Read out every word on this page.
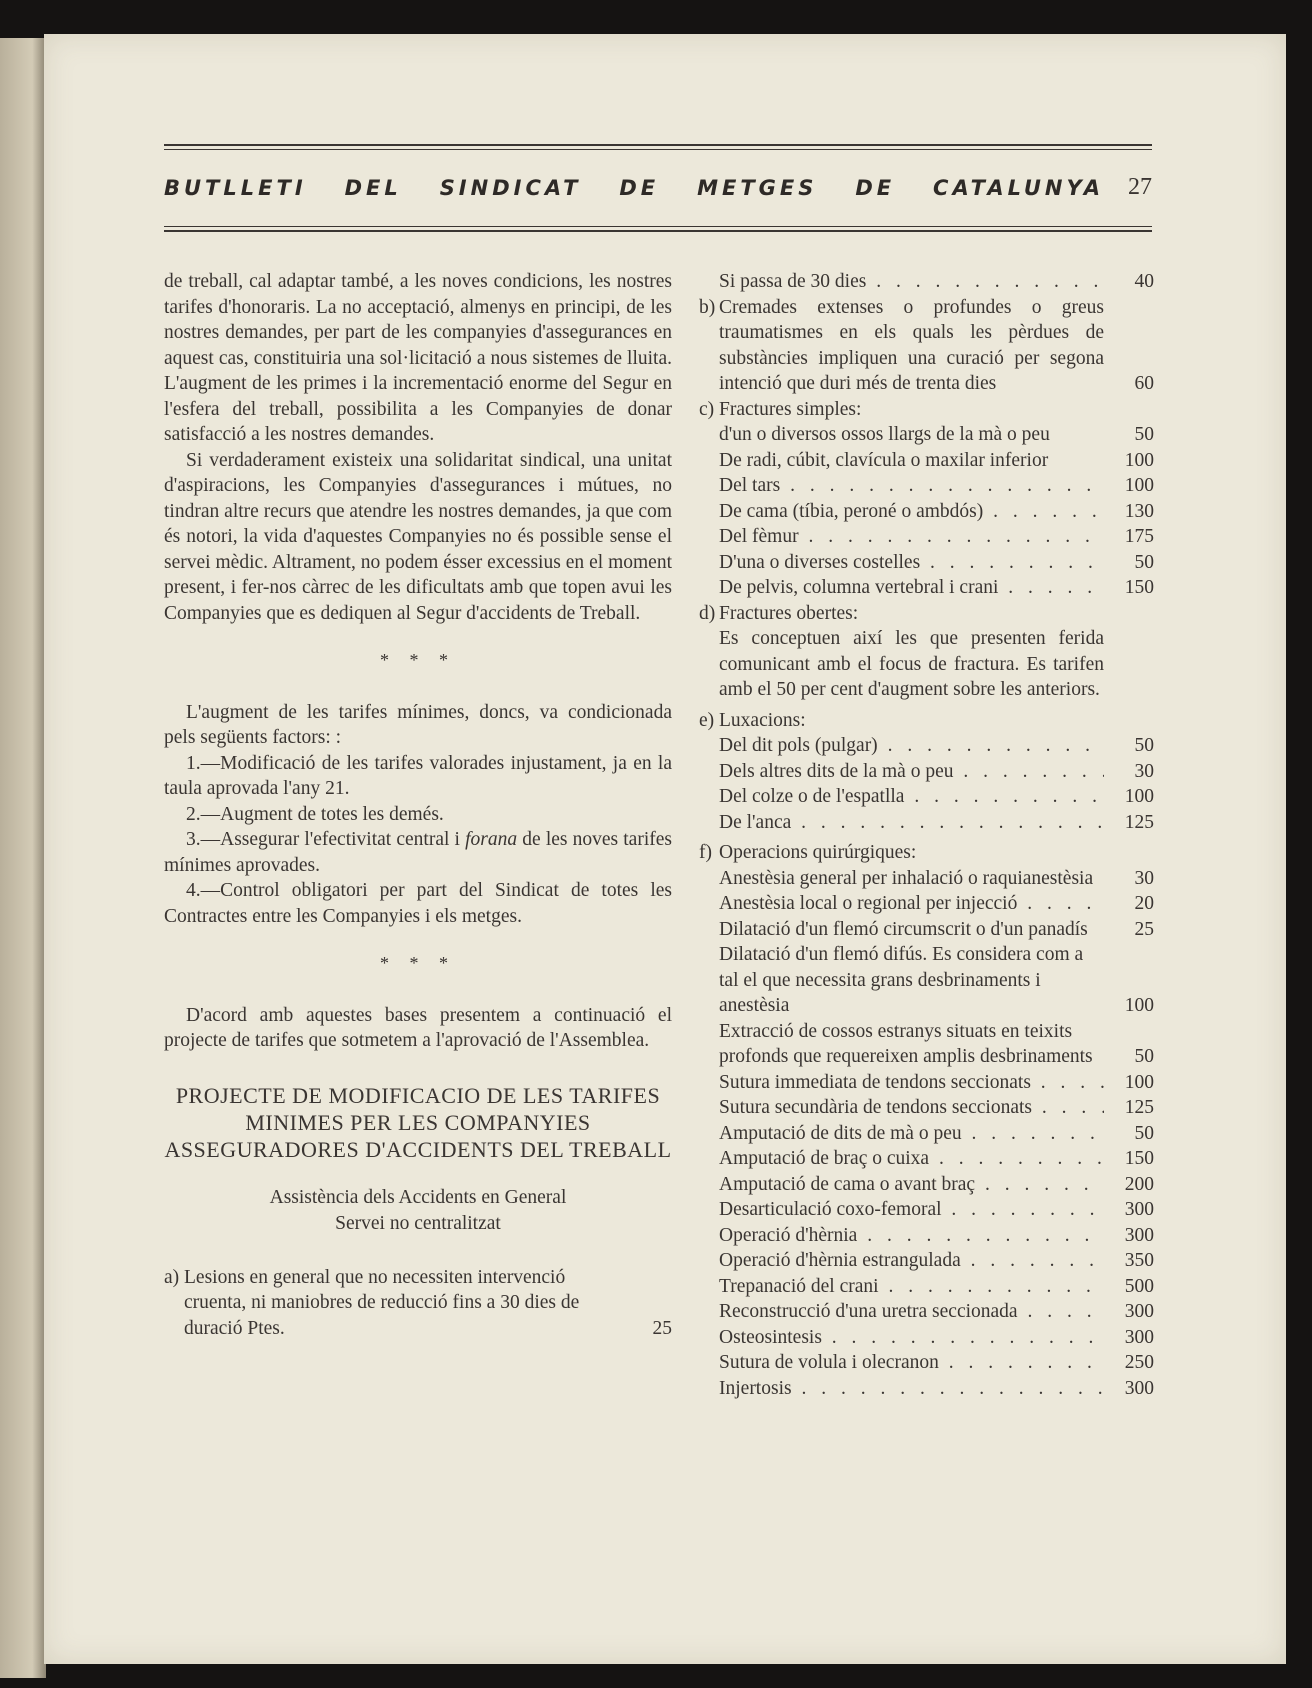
BUTLLETI DEL SINDICAT DE METGES DE CATALUNYA 27

de treball, cal adaptar també, a les noves condicions, les nostres tarifes d'honoraris. La no acceptació, almenys en principi, de les nostres demandes, per part de les companyies d'assegurances en aquest cas, constituiria una sol·licitació a nous sistemes de lluita. L'augment de les primes i la incrementació enorme del Segur en l'esfera del treball, possibilita a les Companyies de donar satisfacció a les nostres demandes.

Si verdaderament existeix una solidaritat sindical, una unitat d'aspiracions, les Companyies d'assegurances i mútues, no tindran altre recurs que atendre les nostres demandes, ja que com és notori, la vida d'aquestes Companyies no és possible sense el servei mèdic. Altrament, no podem ésser excessius en el moment present, i fer-nos càrrec de les dificultats amb que topen avui les Companyies que es dediquen al Segur d'accidents de Treball.

* * *

L'augment de les tarifes mínimes, doncs, va condicionada pels següents factors: :

1.—Modificació de les tarifes valorades injustament, ja en la taula aprovada l'any 21.

2.—Augment de totes les demés.

3.—Assegurar l'efectivitat central i forana de les noves tarifes mínimes aprovades.

4.—Control obligatori per part del Sindicat de totes les Contractes entre les Companyies i els metges.

* * *

D'acord amb aquestes bases presentem a continuació el projecte de tarifes que sotmetem a l'aprovació de l'Assemblea.

PROJECTE DE MODIFICACIO DE LES TARIFES MINIMES PER LES COMPANYIES ASSEGURADORES D'ACCIDENTS DEL TREBALL
Assistència dels Accidents en General
Servei no centralitzat
a) Lesions en general que no necessiten intervenció cruenta, ni maniobres de reducció fins a 30 dies de duració Ptes.	25
Si passa de 30 dies . . .	40
b) Cremades extenses o profundes o greus traumatismes en els quals les pèrdues de substàncies impliquen una curació per segona intenció que duri més de trenta dies	60
c) Fractures simples:
d'un o diversos ossos llargs de la mà o peu	50
De radi, cúbit, clavícula o maxilar inferior	100
Del tars . . .	100
De cama (tíbia, peroné o ambdós) . . .	130
Del fèmur . . .	175
D'una o diverses costelles . . .	50
De pelvis, columna vertebral i crani . . .	150
d) Fractures obertes:

Es conceptuen així les que presenten ferida comunicant amb el focus de fractura. Es tarifen amb el 50 per cent d'augment sobre les anteriors.

e) Luxacions:
Del dit pols (pulgar) . . .	50
Dels altres dits de la mà o peu . . .	30
Del colze o de l'espatlla . . .	100
De l'anca . . .	125
f) Operacions quirúrgiques:
Anestèsia general per inhalació o raquianestèsia	30
Anestèsia local o regional per injecció . . .	20
Dilatació d'un flemó circumscrit o d'un panadís	25
Dilatació d'un flemó difús. Es considera com a tal el que necessita grans desbrinaments i anestèsia	100
Extracció de cossos estranys situats en teixits profonds que requereixen amplis desbrinaments	50
Sutura immediata de tendons seccionats . . .	100
Sutura secundària de tendons seccionats . . .	125
Amputació de dits de mà o peu . . .	50
Amputació de braç o cuixa . . .	150
Amputació de cama o avant braç . . .	200
Desarticulació coxo-femoral . . .	300
Operació d'hèrnia . . .	300
Operació d'hèrnia estrangulada . . .	350
Trepanació del crani . . .	500
Reconstrucció d'una uretra seccionada . . .	300
Osteosintesis . . .	300
Sutura de volula i olecranon . . .	250
Injertosis . . .	300
